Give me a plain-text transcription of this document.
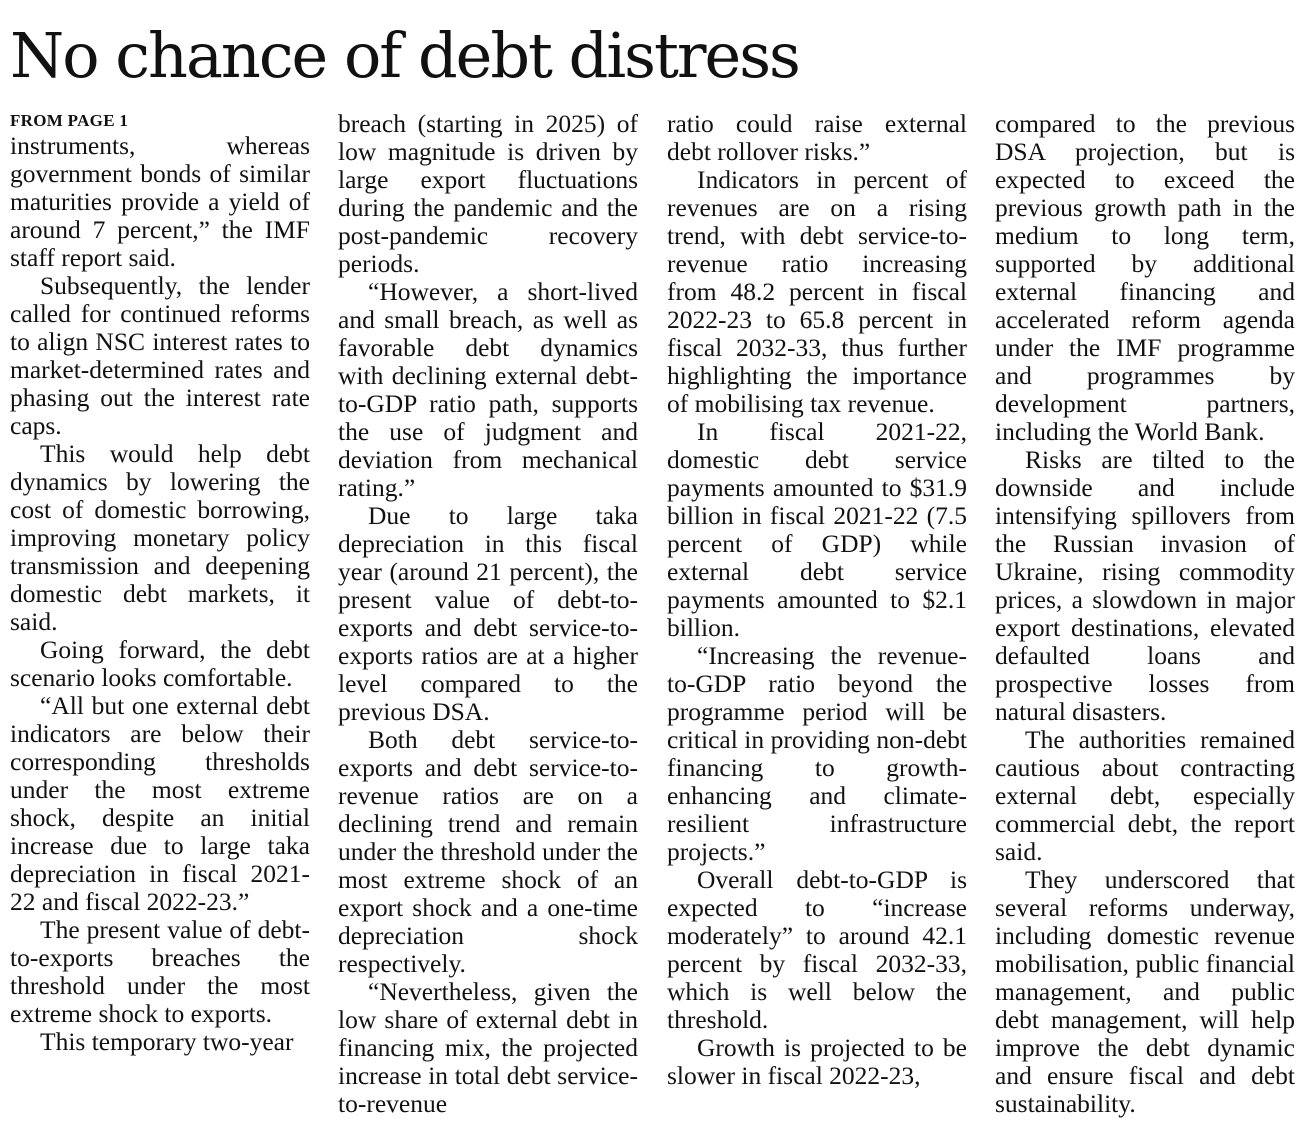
No chance of debt distress
FROM PAGE 1

instruments, whereas government bonds of similar maturities provide a yield of around 7 percent,” the IMF staff report said.

Subsequently, the lender called for continued reforms to align NSC interest rates to market-determined rates and phasing out the interest rate caps.

This would help debt dynamics by lowering the cost of domestic borrowing, improving monetary policy transmission and deepening domestic debt markets, it said.

Going forward, the debt scenario looks comfortable.

“All but one external debt indicators are below their corresponding thresholds under the most extreme shock, despite an initial increase due to large taka depreciation in fiscal 2021-22 and fiscal 2022-23.”

The present value of debt-to-exports breaches the threshold under the most extreme shock to exports.

This temporary two-year

breach (starting in 2025) of low magnitude is driven by large export fluctuations during the pandemic and the post-pandemic recovery periods.

“However, a short-lived and small breach, as well as favorable debt dynamics with declining external debt-to-GDP ratio path, supports the use of judgment and deviation from mechanical rating.”

Due to large taka depreciation in this fiscal year (around 21 percent), the present value of debt-to-exports and debt service-to-exports ratios are at a higher level compared to the previous DSA.

Both debt service-to-exports and debt service-to-revenue ratios are on a declining trend and remain under the threshold under the most extreme shock of an export shock and a one-time depreciation shock respectively.

“Nevertheless, given the low share of external debt in financing mix, the projected increase in total debt service-to-revenue

ratio could raise external debt rollover risks.”

Indicators in percent of revenues are on a rising trend, with debt service-to-revenue ratio increasing from 48.2 percent in fiscal 2022-23 to 65.8 percent in fiscal 2032-33, thus further highlighting the importance of mobilising tax revenue.

In fiscal 2021-22, domestic debt service payments amounted to $31.9 billion in fiscal 2021-22 (7.5 percent of GDP) while external debt service payments amounted to $2.1 billion.

“Increasing the revenue-to-GDP ratio beyond the programme period will be critical in providing non-debt financing to growth-enhancing and climate-resilient infrastructure projects.”

Overall debt-to-GDP is expected to “increase moderately” to around 42.1 percent by fiscal 2032-33, which is well below the threshold.

Growth is projected to be slower in fiscal 2022-23,

compared to the previous DSA projection, but is expected to exceed the previous growth path in the medium to long term, supported by additional external financing and accelerated reform agenda under the IMF programme and programmes by development partners, including the World Bank.

Risks are tilted to the downside and include intensifying spillovers from the Russian invasion of Ukraine, rising commodity prices, a slowdown in major export destinations, elevated defaulted loans and prospective losses from natural disasters.

The authorities remained cautious about contracting external debt, especially commercial debt, the report said.

They underscored that several reforms underway, including domestic revenue mobilisation, public financial management, and public debt management, will help improve the debt dynamic and ensure fiscal and debt sustainability.
